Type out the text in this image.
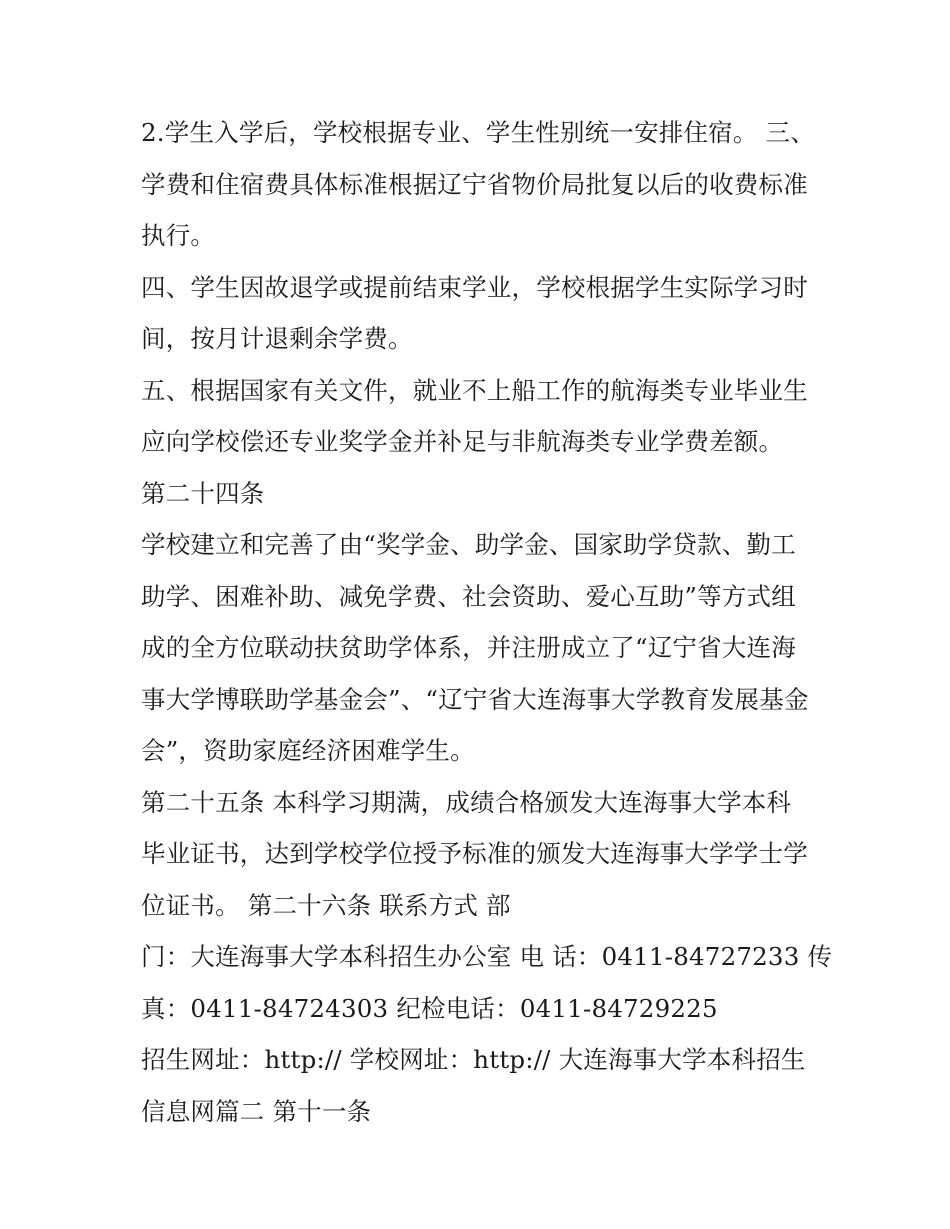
2.学生入学后，学校根据专业、学生性别统一安排住宿。 三、
学费和住宿费具体标准根据辽宁省物价局批复以后的收费标准
执行。
四、学生因故退学或提前结束学业，学校根据学生实际学习时
间，按月计退剩余学费。
五、根据国家有关文件，就业不上船工作的航海类专业毕业生
应向学校偿还专业奖学金并补足与非航海类专业学费差额。
第二十四条
学校建立和完善了由“奖学金、助学金、国家助学贷款、勤工
助学、困难补助、减免学费、社会资助、爱心互助”等方式组
成的全方位联动扶贫助学体系，并注册成立了“辽宁省大连海
事大学博联助学基金会”、“辽宁省大连海事大学教育发展基金
会”，资助家庭经济困难学生。
第二十五条 本科学习期满，成绩合格颁发大连海事大学本科
毕业证书，达到学校学位授予标准的颁发大连海事大学学士学
位证书。 第二十六条 联系方式 部
门：大连海事大学本科招生办公室 电 话：0411-84727233 传
真：0411-84724303 纪检电话：0411-84729225
招生网址：http:// 学校网址：http:// 大连海事大学本科招生
信息网篇二 第十一条
